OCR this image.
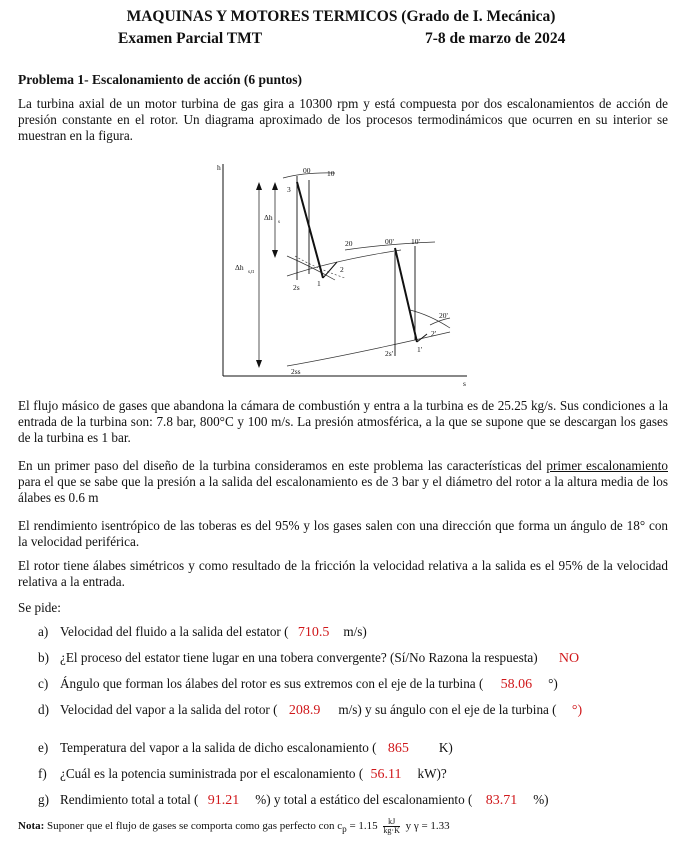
MAQUINAS Y MOTORES TERMICOS (Grado de I. Mecánica)
Examen Parcial TMT	7-8 de marzo de 2024
Problema 1- Escalonamiento de acción (6 puntos)
La turbina axial de un motor turbina de gas gira a 10300 rpm y está compuesta por dos escalonamientos de acción de presión constante en el rotor. Un diagrama aproximado de los procesos termodinámicos que ocurren en su interior se muestran en la figura.
h
s
00 10
3
Δh
s
Δh
s,tt
20	00' 10'
2
1
2s
1'
2'
20'
2s'
2ss
El flujo másico de gases que abandona la cámara de combustión y entra a la turbina es de 25.25 kg/s. Sus condiciones a la entrada de la turbina son: 7.8 bar, 800°C y 100 m/s. La presión atmosférica, a la que se supone que se descargan los gases de la turbina es 1 bar.
En un primer paso del diseño de la turbina consideramos en este problema las características del primer escalonamiento para el que se sabe que la presión a la salida del escalonamiento es de 3 bar y el diámetro del rotor a la altura media de los álabes es 0.6 m
El rendimiento isentrópico de las toberas es del 95% y los gases salen con una dirección que forma un ángulo de 18° con la velocidad periférica.
El rotor tiene álabes simétricos y como resultado de la fricción la velocidad relativa a la salida es el 95% de la velocidad relativa a la entrada.
Se pide:
a) Velocidad del fluido a la salida del estator ( 710.5 m/s)
b) ¿El proceso del estator tiene lugar en una tobera convergente? (Sí/No Razona la respuesta) NO
c) Ángulo que forman los álabes del rotor es sus extremos con el eje de la turbina ( 58.06 °)
d) Velocidad del vapor a la salida del rotor ( 208.9 m/s) y su ángulo con el eje de la turbina ( °)
e) Temperatura del vapor a la salida de dicho escalonamiento ( 865 K)
f) ¿Cuál es la potencia suministrada por el escalonamiento ( 56.11 kW)?
g) Rendimiento total a total ( 91.21 %) y total a estático del escalonamiento ( 83.71 %)
Nota: Suponer que el flujo de gases se comporta como gas perfecto con $c_p = 1.15 \frac{kJ}{kg\cdot K}$ y γ = 1.33
